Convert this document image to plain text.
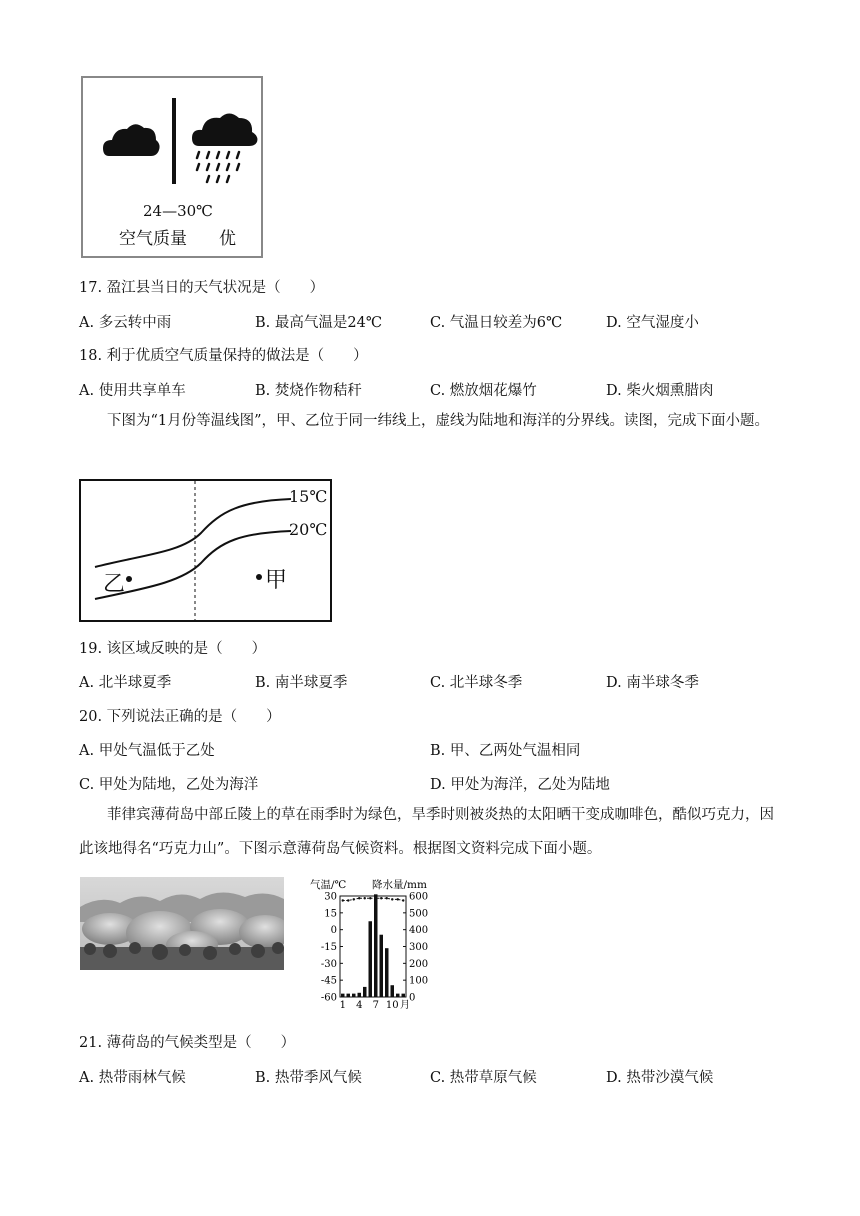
24—30℃
空气质量 优
17. 盈江县当日的天气状况是（　　）
A. 多云转中雨	B. 最高气温是24℃	C. 气温日较差为6℃	D. 空气湿度小
18. 利于优质空气质量保持的做法是（　　）
A. 使用共享单车	B. 焚烧作物秸秆	C. 燃放烟花爆竹	D. 柴火烟熏腊肉
下图为“1月份等温线图”，甲、乙位于同一纬线上，虚线为陆地和海洋的分界线。读图，完成下面小题。
15℃
20℃
乙	甲
19. 该区域反映的是（　　）
A. 北半球夏季	B. 南半球夏季	C. 北半球冬季	D. 南半球冬季
20. 下列说法正确的是（　　）
A. 甲处气温低于乙处	B. 甲、乙两处气温相同
C. 甲处为陆地，乙处为海洋	D. 甲处为海洋，乙处为陆地
菲律宾薄荷岛中部丘陵上的草在雨季时为绿色，旱季时则被炎热的太阳晒干变成咖啡色，酷似巧克力，因此该地得名“巧克力山”。下图示意薄荷岛气候资料。根据图文资料完成下面小题。
气温/℃ 降水量/mm
30
15
0
-15
-30
-45
-60
600
500
400
300
200
100
0
1 4 7 10 月
21. 薄荷岛的气候类型是（　　）
A. 热带雨林气候	B. 热带季风气候	C. 热带草原气候	D. 热带沙漠气候
